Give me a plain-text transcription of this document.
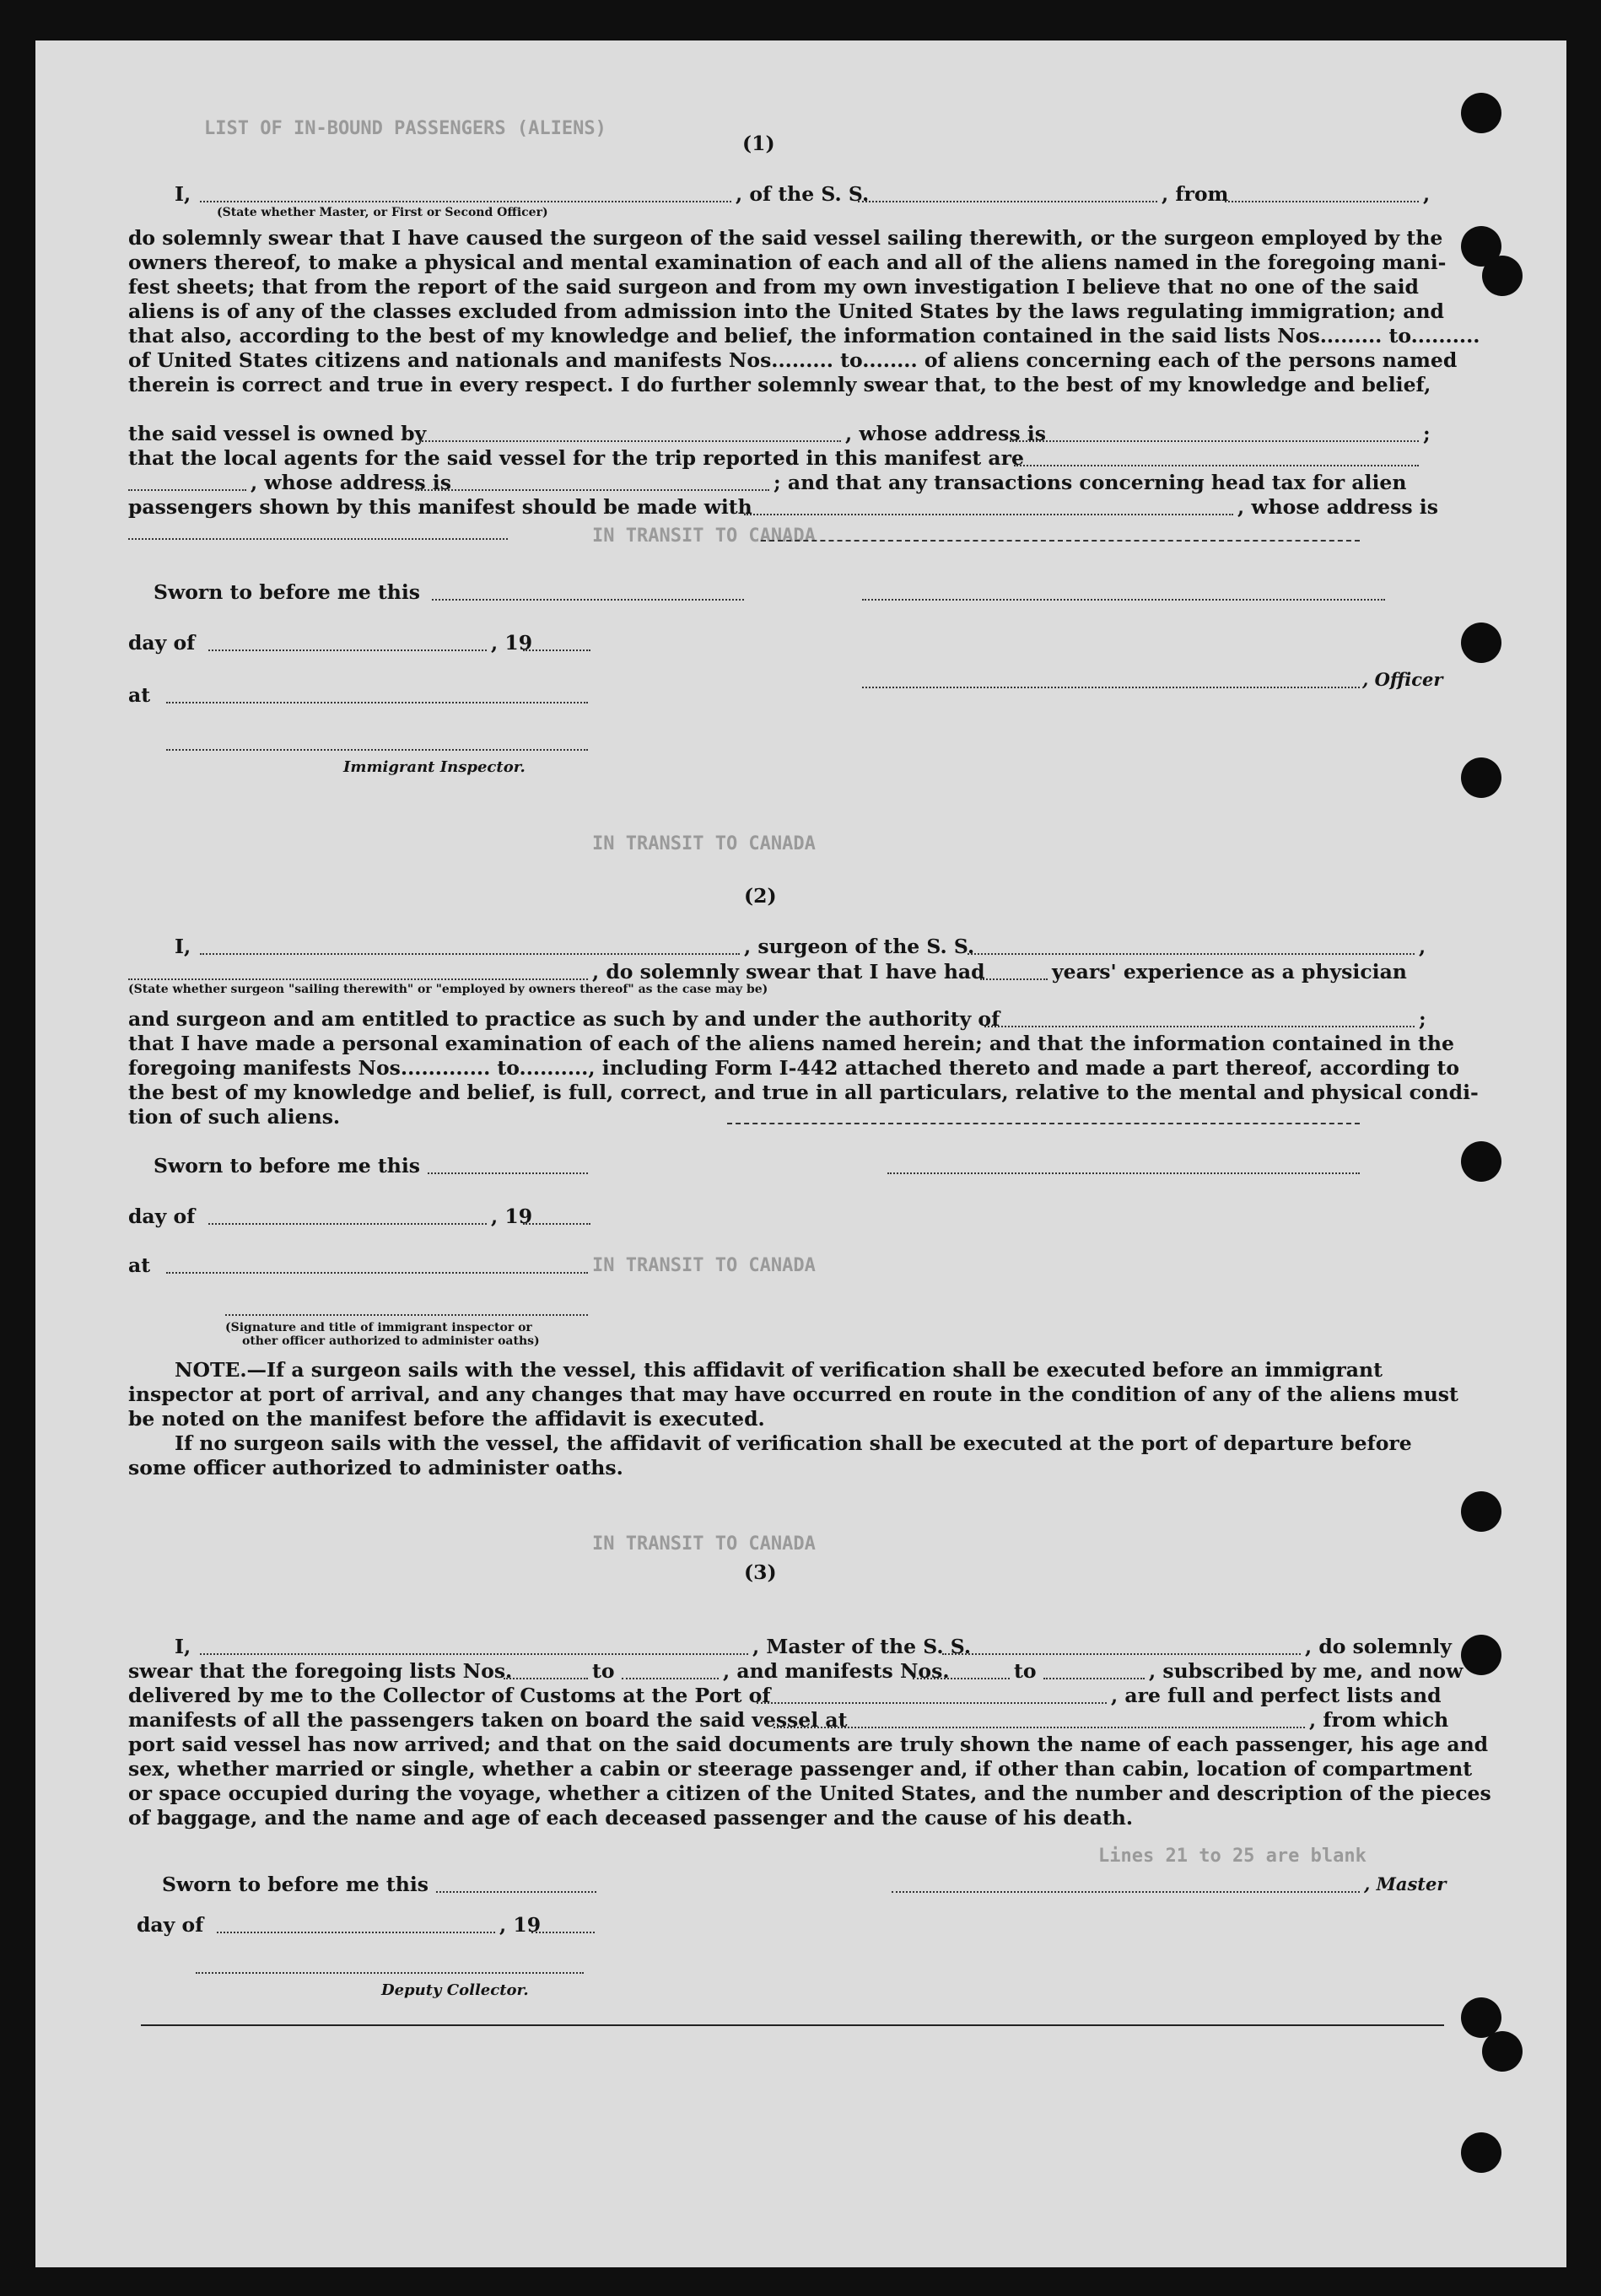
LIST OF IN-BOUND PASSENGERS (ALIENS)
IN TRANSIT TO CANADA
IN TRANSIT TO CANADA
IN TRANSIT TO CANADA
IN TRANSIT TO CANADA
Lines 21 to 25 are blank
(1)
I,	, of the S. S.	, from	,
(State whether Master, or First or Second Officer)
do solemnly swear that I have caused the surgeon of the said vessel sailing therewith, or the surgeon employed by the
owners thereof, to make a physical and mental examination of each and all of the aliens named in the foregoing mani-
fest sheets; that from the report of the said surgeon and from my own investigation I believe that no one of the said
aliens is of any of the classes excluded from admission into the United States by the laws regulating immigration; and
that also, according to the best of my knowledge and belief, the information contained in the said lists Nos......... to..........
of United States citizens and nationals and manifests Nos......... to........ of aliens concerning each of the persons named
therein is correct and true in every respect. I do further solemnly swear that, to the best of my knowledge and belief,
the said vessel is owned by	, whose address is	;
that the local agents for the said vessel for the trip reported in this manifest are
, whose address is	; and that any transactions concerning head tax for alien
passengers shown by this manifest should be made with	, whose address is
Sworn to before me this
day of	, 19
, Officer
at
Immigrant Inspector.
(2)
I,	, surgeon of the S. S.	,
, do solemnly swear that I have had	years' experience as a physician
(State whether surgeon "sailing therewith" or "employed by owners thereof" as the case may be)
and surgeon and am entitled to practice as such by and under the authority of	;
that I have made a personal examination of each of the aliens named herein; and that the information contained in the
foregoing manifests Nos............. to.........., including Form I-442 attached thereto and made a part thereof, according to
the best of my knowledge and belief, is full, correct, and true in all particulars, relative to the mental and physical condi-
tion of such aliens.
Sworn to before me this
day of	, 19
at
(Signature and title of immigrant inspector or
other officer authorized to administer oaths)
NOTE.—If a surgeon sails with the vessel, this affidavit of verification shall be executed before an immigrant
inspector at port of arrival, and any changes that may have occurred en route in the condition of any of the aliens must
be noted on the manifest before the affidavit is executed.
If no surgeon sails with the vessel, the affidavit of verification shall be executed at the port of departure before
some officer authorized to administer oaths.
(3)
I,	, Master of the S. S.	, do solemnly
swear that the foregoing lists Nos.	to	, and manifests Nos.	to	, subscribed by me, and now
delivered by me to the Collector of Customs at the Port of	, are full and perfect lists and
manifests of all the passengers taken on board the said vessel at	, from which
port said vessel has now arrived; and that on the said documents are truly shown the name of each passenger, his age and
sex, whether married or single, whether a cabin or steerage passenger and, if other than cabin, location of compartment
or space occupied during the voyage, whether a citizen of the United States, and the number and description of the pieces
of baggage, and the name and age of each deceased passenger and the cause of his death.
Sworn to before me this	, Master
day of	, 19
Deputy Collector.
